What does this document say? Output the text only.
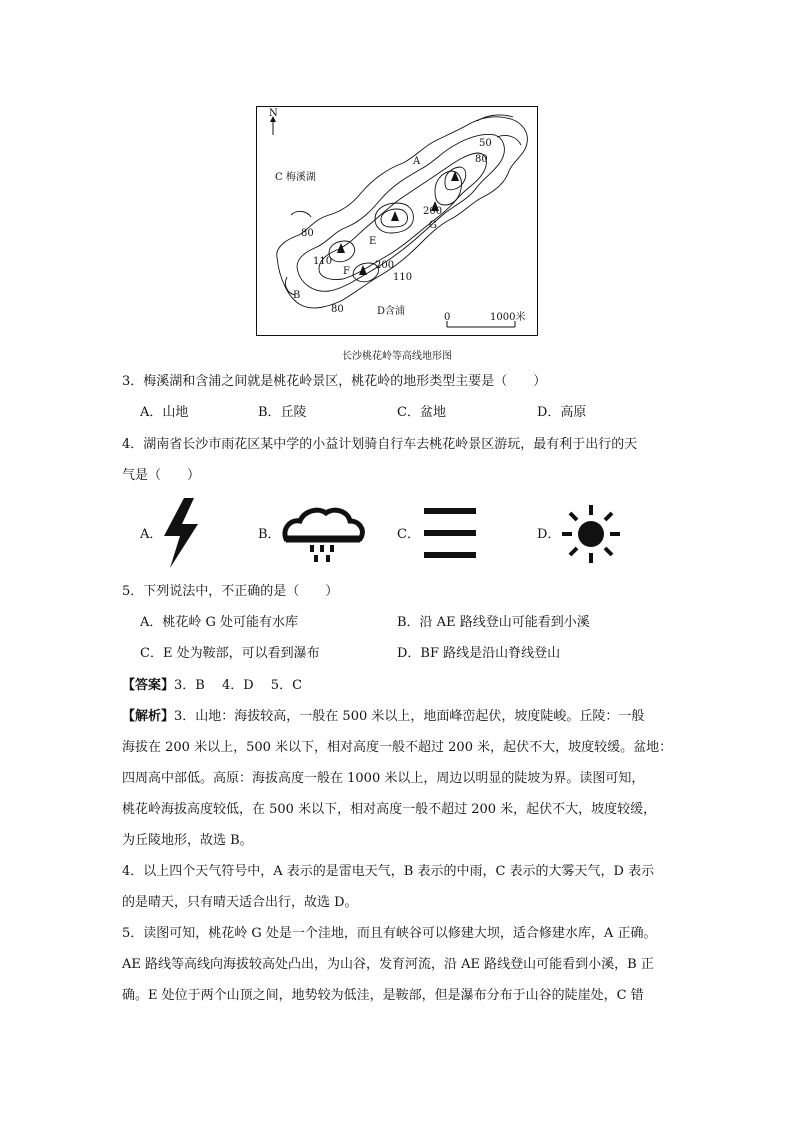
N
C 梅溪湖
D含浦
A
B
E
F
G
50
80
200
80
110	200
110
80
0	1000米
长沙桃花岭等高线地形图
3．梅溪湖和含浦之间就是桃花岭景区，桃花岭的地形类型主要是（　　）
A．山地	B．丘陵	C．盆地	D．高原
4．湖南省长沙市雨花区某中学的小益计划骑自行车去桃花岭景区游玩，最有利于出行的天
气是（　　）
A．	B．	C．	D．
5．下列说法中，不正确的是（　　）
A．桃花岭 G 处可能有水库	B．沿 AE 路线登山可能看到小溪
C．E 处为鞍部，可以看到瀑布	D．BF 路线是沿山脊线登山
【答案】3．B　 4．D　 5．C
【解析】3．山地：海拔较高，一般在 500 米以上，地面峰峦起伏，坡度陡峻。丘陵：一般
海拔在 200 米以上，500 米以下，相对高度一般不超过 200 米，起伏不大，坡度较缓。盆地：
四周高中部低。高原：海拔高度一般在 1000 米以上，周边以明显的陡坡为界。读图可知，
桃花岭海拔高度较低，在 500 米以下，相对高度一般不超过 200 米，起伏不大，坡度较缓，
为丘陵地形，故选 B。
4．以上四个天气符号中，A 表示的是雷电天气，B 表示的中雨，C 表示的大雾天气，D 表示
的是晴天，只有晴天适合出行，故选 D。
5．读图可知，桃花岭 G 处是一个洼地，而且有峡谷可以修建大坝，适合修建水库，A 正确。
AE 路线等高线向海拔较高处凸出，为山谷，发育河流，沿 AE 路线登山可能看到小溪，B 正
确。E 处位于两个山顶之间，地势较为低洼，是鞍部，但是瀑布分布于山谷的陡崖处，C 错
